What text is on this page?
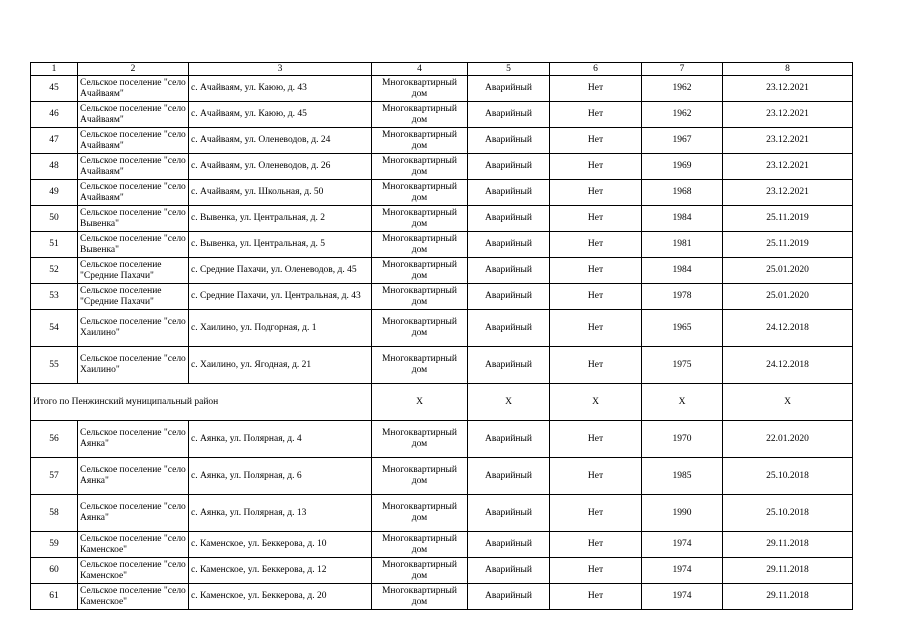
1	2	3	4	5	6	7	8
45	Сельское поселение "село Ачайваям"	с. Ачайваям, ул. Каюю, д. 43	Многоквартирный дом	Аварийный	Нет	1962	23.12.2021
46	Сельское поселение "село Ачайваям"	с. Ачайваям, ул. Каюю, д. 45	Многоквартирный дом	Аварийный	Нет	1962	23.12.2021
47	Сельское поселение "село Ачайваям"	с. Ачайваям, ул. Оленеводов, д. 24	Многоквартирный дом	Аварийный	Нет	1967	23.12.2021
48	Сельское поселение "село Ачайваям"	с. Ачайваям, ул. Оленеводов, д. 26	Многоквартирный дом	Аварийный	Нет	1969	23.12.2021
49	Сельское поселение "село Ачайваям"	с. Ачайваям, ул. Школьная, д. 50	Многоквартирный дом	Аварийный	Нет	1968	23.12.2021
50	Сельское поселение "село Вывенка"	с. Вывенка, ул. Центральная, д. 2	Многоквартирный дом	Аварийный	Нет	1984	25.11.2019
51	Сельское поселение "село Вывенка"	с. Вывенка, ул. Центральная, д. 5	Многоквартирный дом	Аварийный	Нет	1981	25.11.2019
52	Сельское поселение "Средние Пахачи"	с. Средние Пахачи, ул. Оленеводов, д. 45	Многоквартирный дом	Аварийный	Нет	1984	25.01.2020
53	Сельское поселение "Средние Пахачи"	с. Средние Пахачи, ул. Центральная, д. 43	Многоквартирный дом	Аварийный	Нет	1978	25.01.2020
54	Сельское поселение "село Хаилино"	с. Хаилино, ул. Подгорная, д. 1	Многоквартирный дом	Аварийный	Нет	1965	24.12.2018
55	Сельское поселение "село Хаилино"	с. Хаилино, ул. Ягодная, д. 21	Многоквартирный дом	Аварийный	Нет	1975	24.12.2018
Итого по Пенжинский муниципальный район			X	X	X	X	X
56	Сельское поселение "село Аянка"	с. Аянка, ул. Полярная, д. 4	Многоквартирный дом	Аварийный	Нет	1970	22.01.2020
57	Сельское поселение "село Аянка"	с. Аянка, ул. Полярная, д. 6	Многоквартирный дом	Аварийный	Нет	1985	25.10.2018
58	Сельское поселение "село Аянка"	с. Аянка, ул. Полярная, д. 13	Многоквартирный дом	Аварийный	Нет	1990	25.10.2018
59	Сельское поселение "село Каменское"	с. Каменское, ул. Беккерова, д. 10	Многоквартирный дом	Аварийный	Нет	1974	29.11.2018
60	Сельское поселение "село Каменское"	с. Каменское, ул. Беккерова, д. 12	Многоквартирный дом	Аварийный	Нет	1974	29.11.2018
61	Сельское поселение "село Каменское"	с. Каменское, ул. Беккерова, д. 20	Многоквартирный дом	Аварийный	Нет	1974	29.11.2018
